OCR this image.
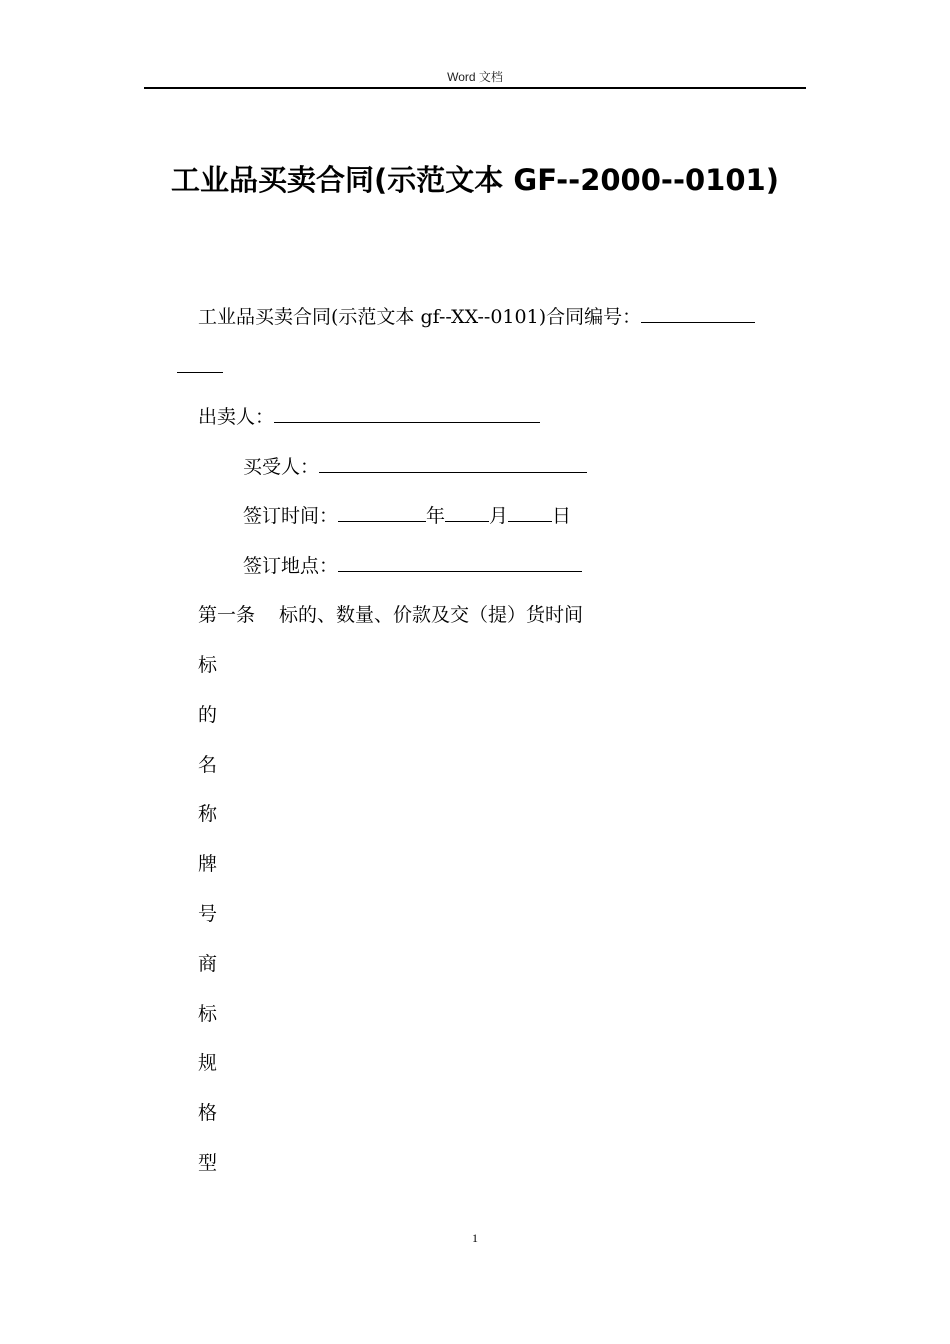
Word 文档
工业品买卖合同(示范文本 GF--2000--0101)
工业品买卖合同(示范文本 gf--XX--0101)合同编号：
出卖人：
买受人：
签订时间：	年 月 日
签订地点：
第一条 标的、数量、价款及交（提）货时间
标
的
名
称
牌
号
商
标
规
格
型
1
